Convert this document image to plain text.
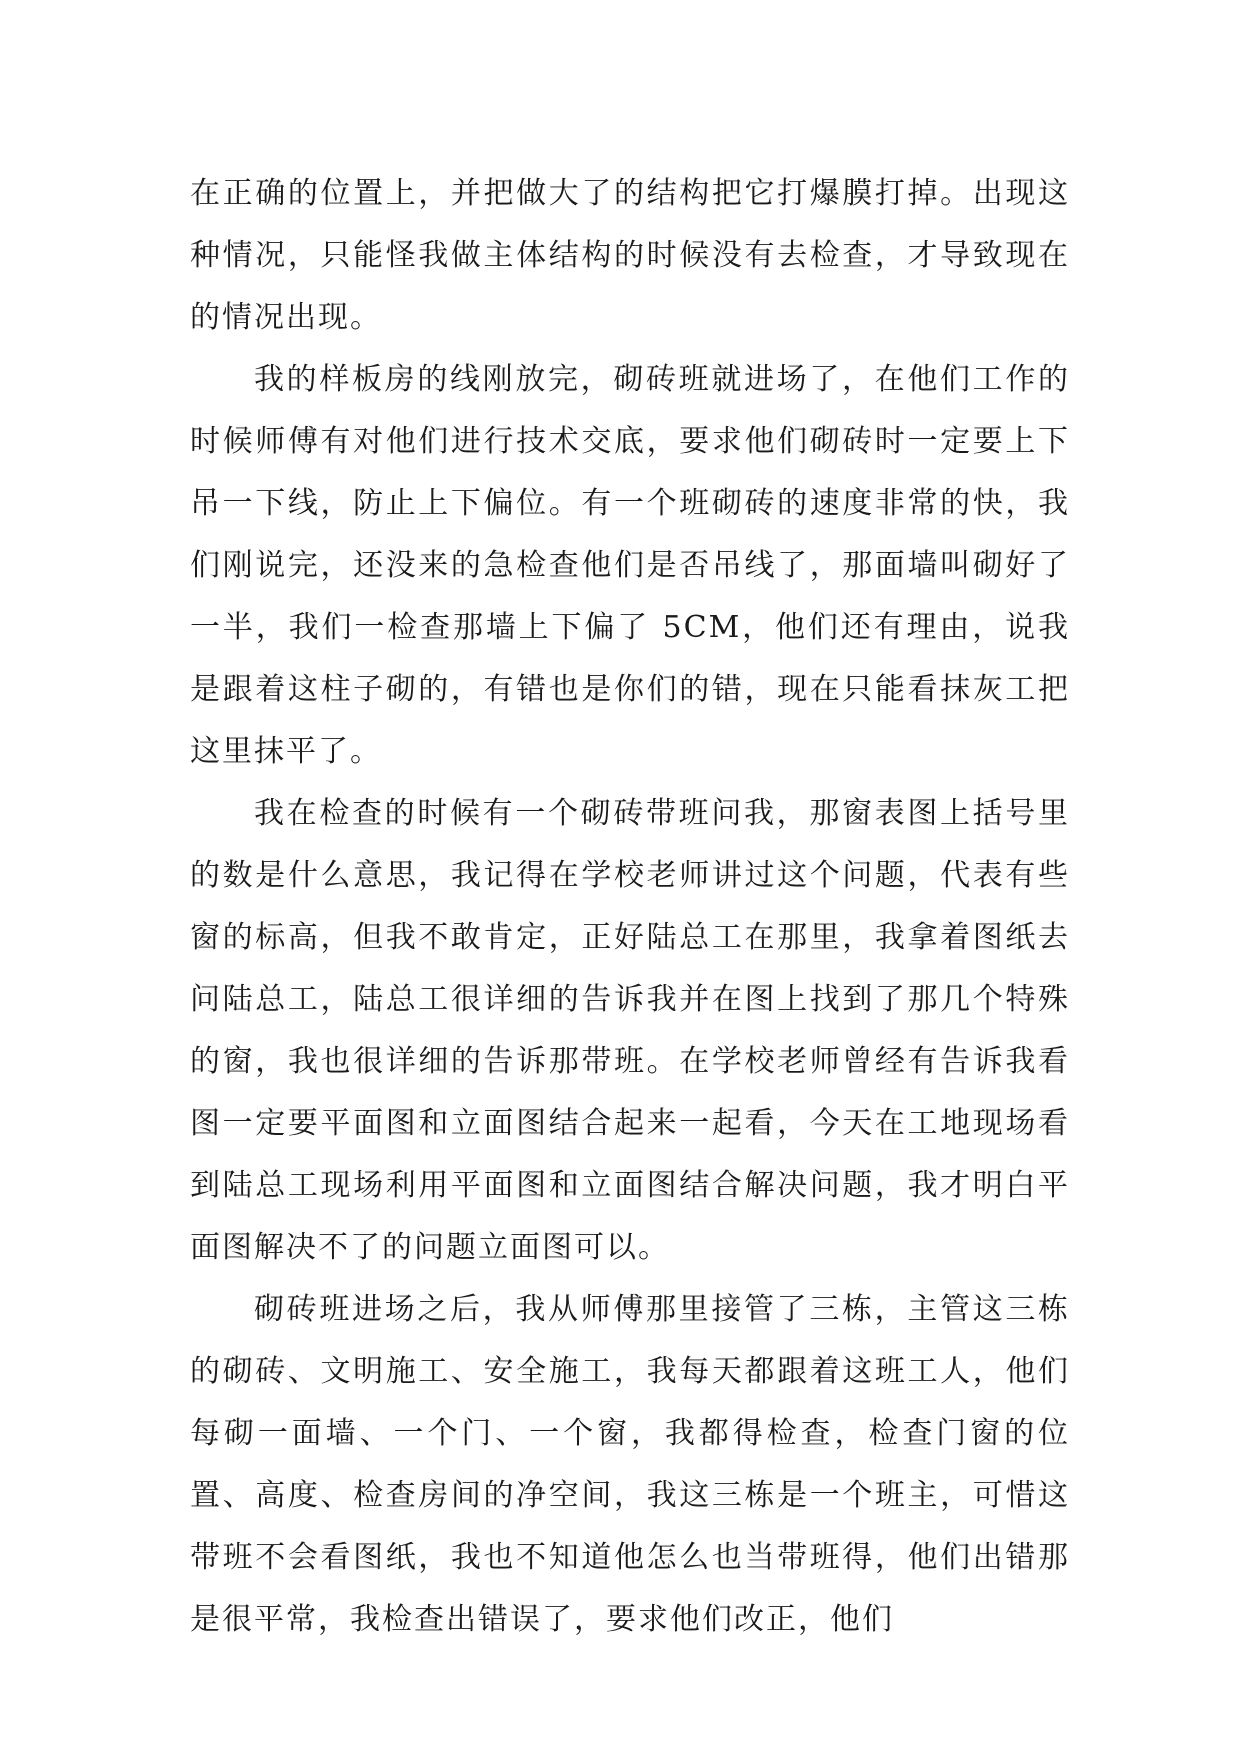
在正确的位置上，并把做大了的结构把它打爆膜打掉。出现这种情况，只能怪我做主体结构的时候没有去检查，才导致现在的情况出现。

我的样板房的线刚放完，砌砖班就进场了，在他们工作的时候师傅有对他们进行技术交底，要求他们砌砖时一定要上下吊一下线，防止上下偏位。有一个班砌砖的速度非常的快，我们刚说完，还没来的急检查他们是否吊线了，那面墙叫砌好了一半，我们一检查那墙上下偏了 5CM，他们还有理由，说我是跟着这柱子砌的，有错也是你们的错，现在只能看抹灰工把这里抹平了。

我在检查的时候有一个砌砖带班问我，那窗表图上括号里的数是什么意思，我记得在学校老师讲过这个问题，代表有些窗的标高，但我不敢肯定，正好陆总工在那里，我拿着图纸去问陆总工，陆总工很详细的告诉我并在图上找到了那几个特殊的窗，我也很详细的告诉那带班。在学校老师曾经有告诉我看图一定要平面图和立面图结合起来一起看，今天在工地现场看到陆总工现场利用平面图和立面图结合解决问题，我才明白平面图解决不了的问题立面图可以。

砌砖班进场之后，我从师傅那里接管了三栋，主管这三栋的砌砖、文明施工、安全施工，我每天都跟着这班工人，他们每砌一面墙、一个门、一个窗，我都得检查，检查门窗的位置、高度、检查房间的净空间，我这三栋是一个班主，可惜这带班不会看图纸，我也不知道他怎么也当带班得，他们出错那是很平常，我检查出错误了，要求他们改正，他们
